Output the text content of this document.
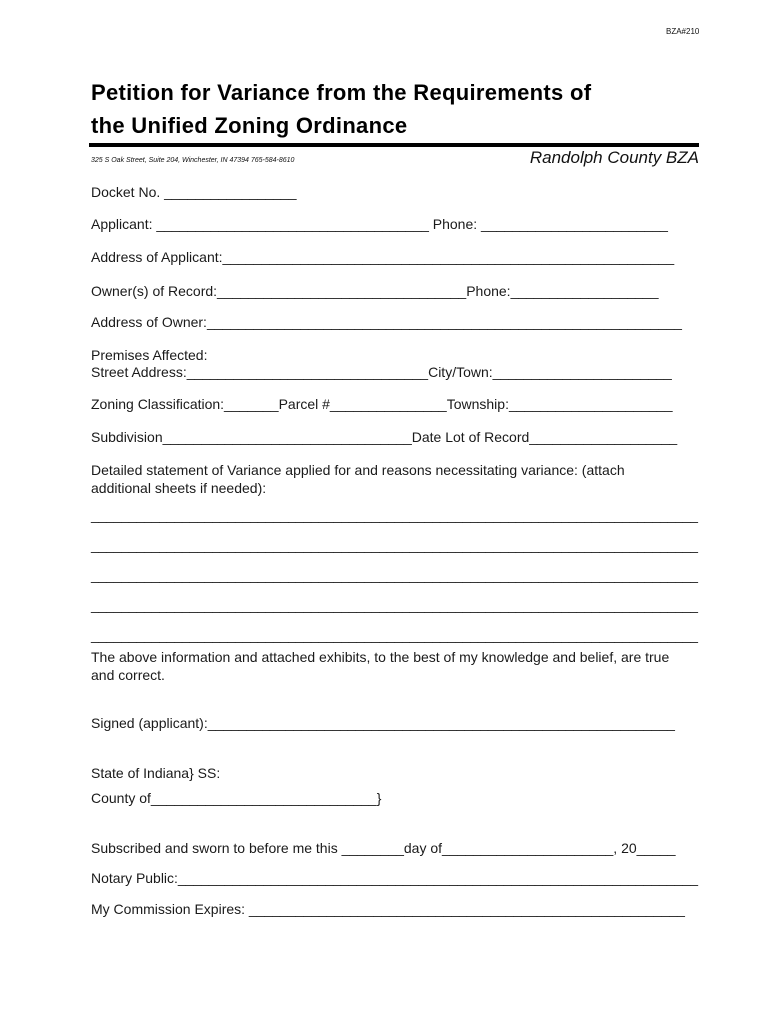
BZA#210
Petition for Variance from the Requirements of
the Unified Zoning Ordinance
325 S Oak Street, Suite 204, Winchester, IN 47394 765-584-8610	Randolph County BZA
Docket No. _________________
Applicant: ___________________________________ Phone: ________________________
Address of Applicant:__________________________________________________________
Owner(s) of Record:________________________________Phone:___________________
Address of Owner:_____________________________________________________________
Premises Affected:
Street Address:_______________________________City/Town:_______________________
Zoning Classification:_______Parcel #_______________Township:_____________________
Subdivision________________________________Date Lot of Record___________________
Detailed statement of Variance applied for and reasons necessitating variance: (attach
additional sheets if needed):
________________________________________________________________________________
________________________________________________________________________________
________________________________________________________________________________
________________________________________________________________________________
________________________________________________________________________________
The above information and attached exhibits, to the best of my knowledge and belief, are true
and correct.
Signed (applicant):____________________________________________________________
State of Indiana} SS:
County of_____________________________}
Subscribed and sworn to before me this ________day of______________________, 20_____
Notary Public:___________________________________________________________________
My Commission Expires: ________________________________________________________
